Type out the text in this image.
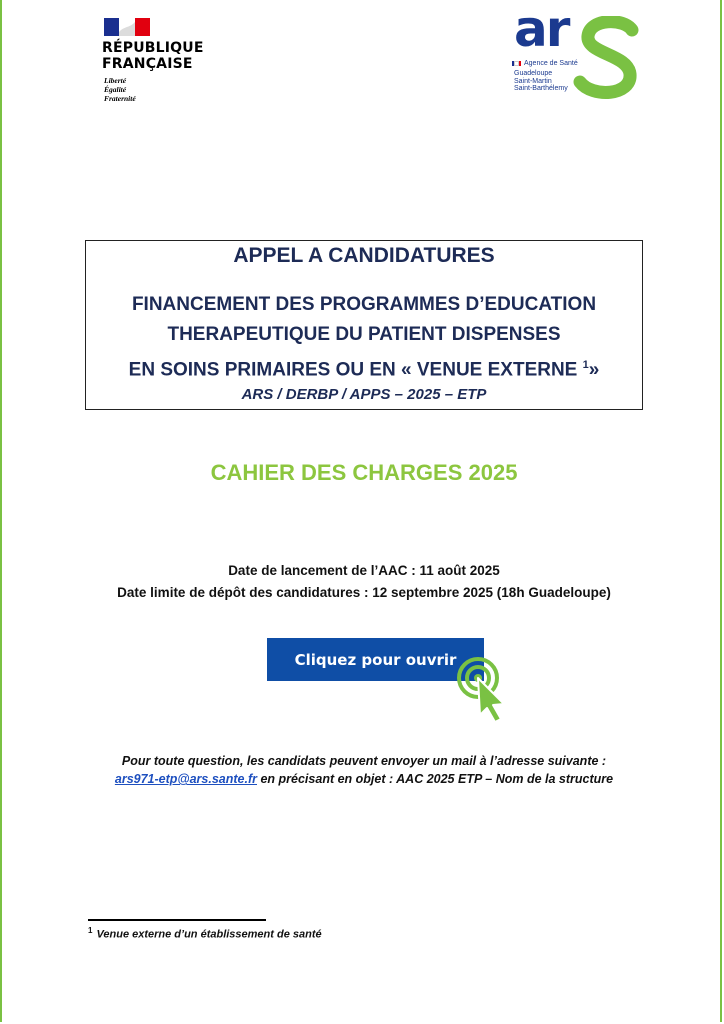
RÉPUBLIQUE
FRANÇAISE
Liberté
Égalité
Fraternité
ar
Agence de Santé
Guadeloupe
Saint-Martin
Saint-Barthélemy
APPEL A CANDIDATURES
FINANCEMENT DES PROGRAMMES D’EDUCATION
THERAPEUTIQUE DU PATIENT DISPENSES
EN SOINS PRIMAIRES OU EN « VENUE EXTERNE $^1$»
ARS / DERBP / APPS – 2025 – ETP
CAHIER DES CHARGES 2025
Date de lancement de l’AAC : 11 août 2025
Date limite de dépôt des candidatures : 12 septembre 2025 (18h Guadeloupe)
Cliquez pour ouvrir
Pour toute question, les candidats peuvent envoyer un mail à l’adresse suivante :
ars971-etp@ars.sante.fr en précisant en objet : AAC 2025 ETP – Nom de la structure
$^1$ Venue externe d’un établissement de santé
